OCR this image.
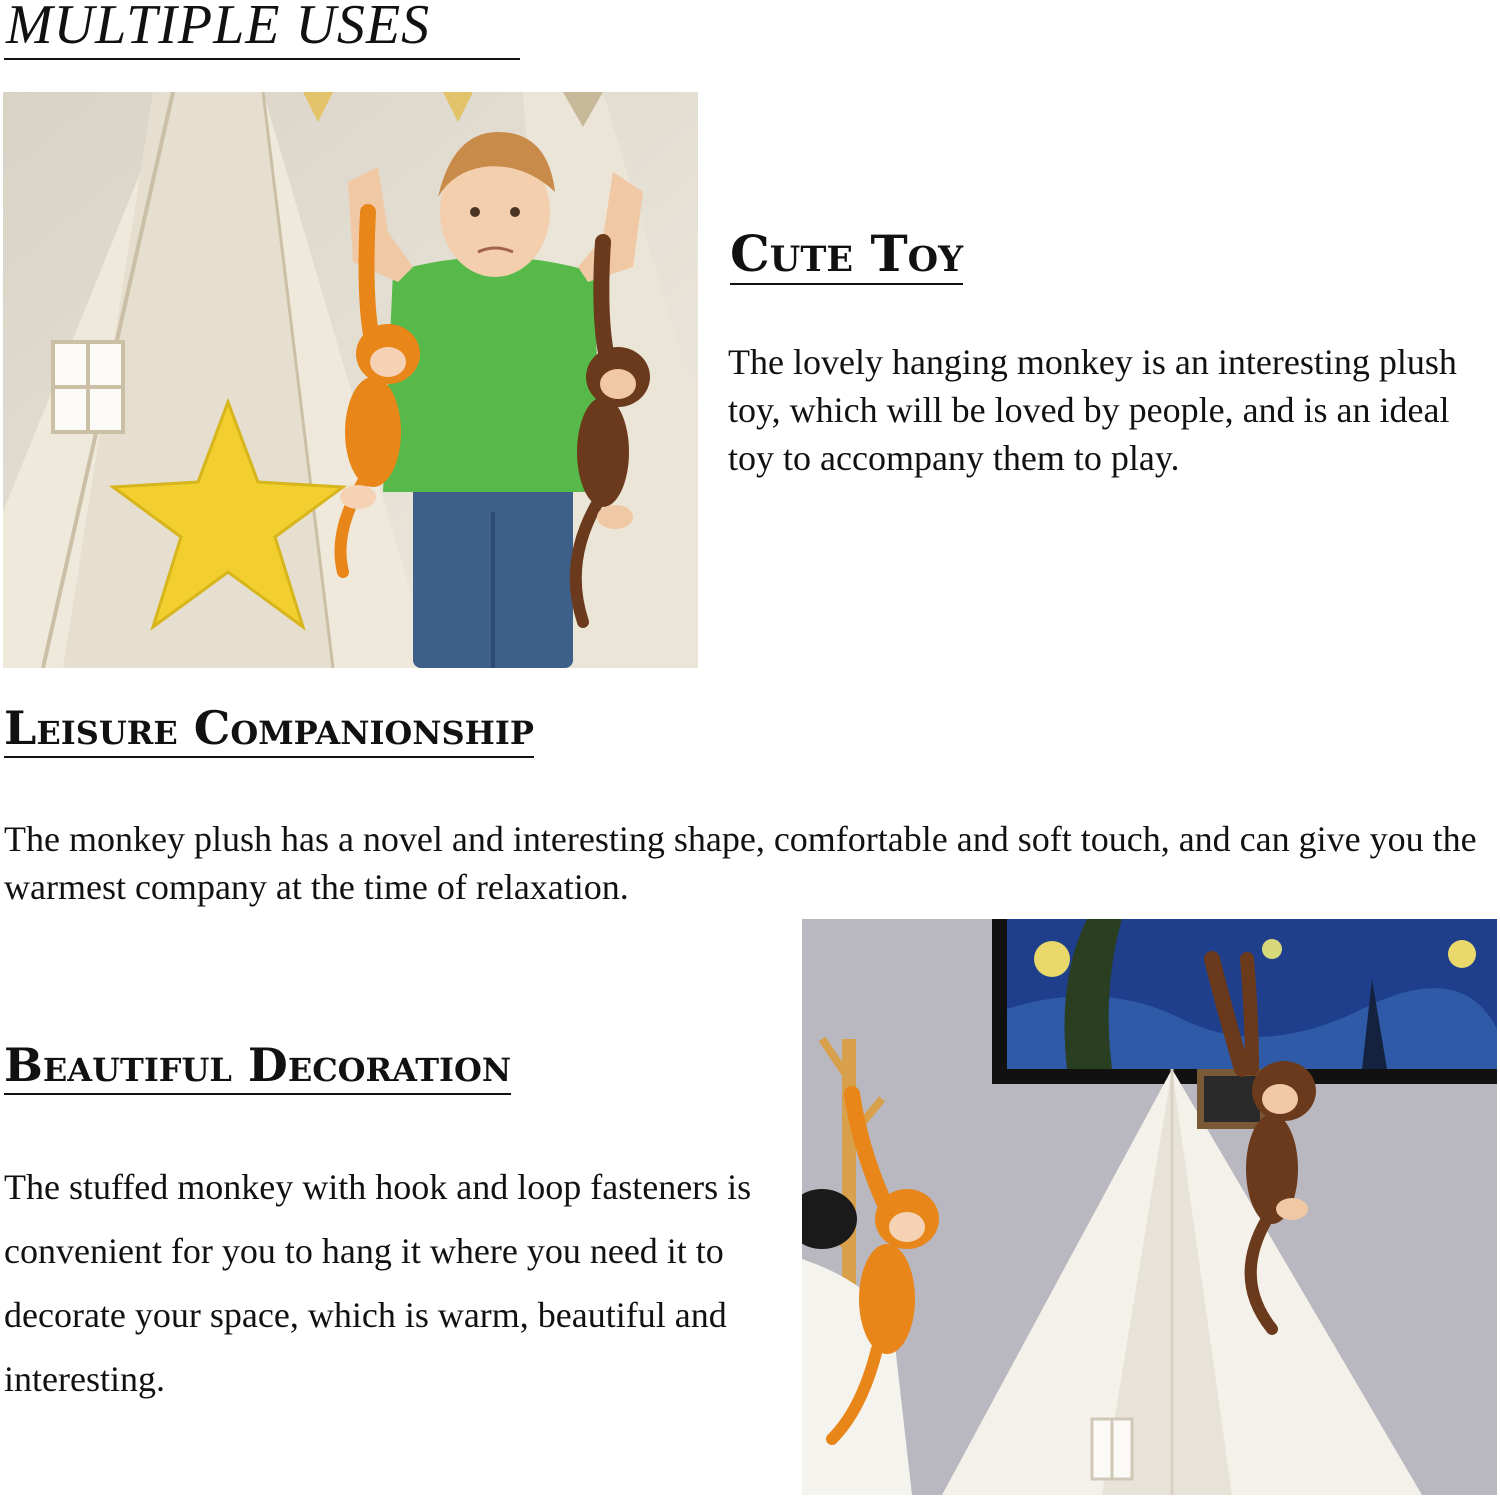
MULTIPLE USES
Cute Toy
The lovely hanging monkey is an interesting plush toy, which will be loved by people, and is an ideal toy to accompany them to play.
Leisure Companionship
The monkey plush has a novel and interesting shape, comfortable and soft touch, and can give you the warmest company at the time of relaxation.
Beautiful Decoration
The stuffed monkey with hook and loop fasteners is convenient for you to hang it where you need it to decorate your space, which is warm, beautiful and interesting.
